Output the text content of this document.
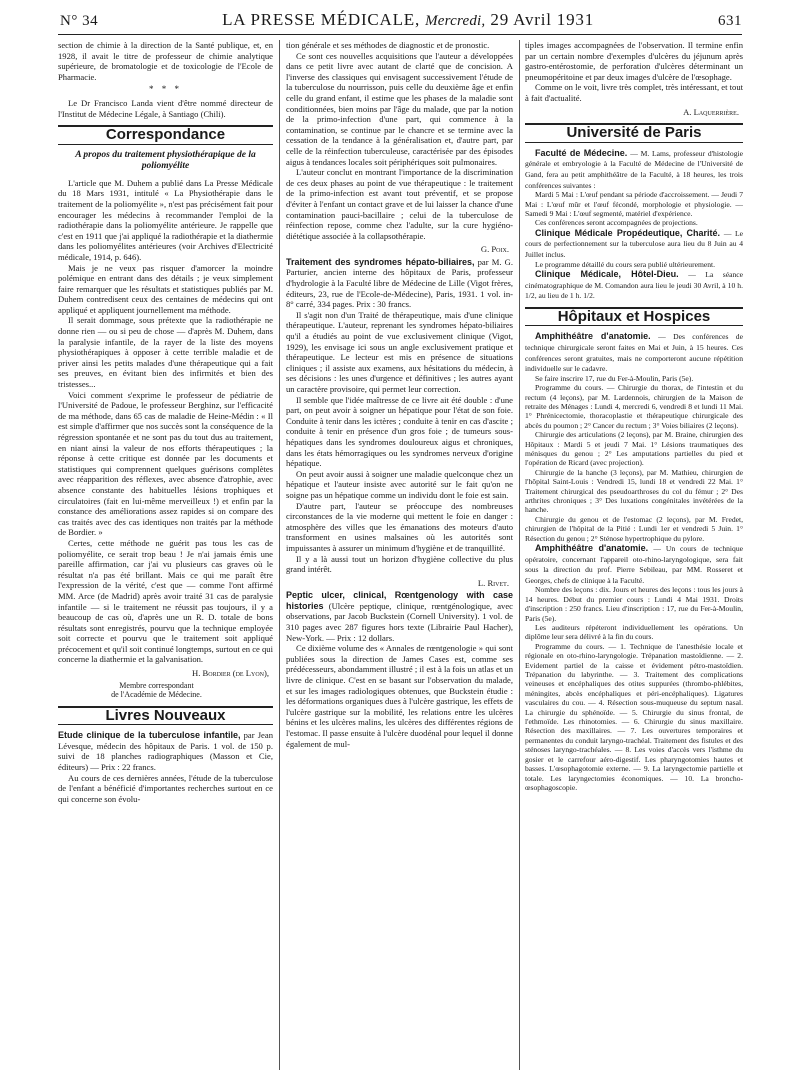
N° 34	LA PRESSE MÉDICALE, Mercredi, 29 Avril 1931	631

section de chimie à la direction de la Santé publique, et, en 1928, il avait le titre de professeur de chimie analytique supérieure, de bromatologie et de toxicologie de l'Ecole de Pharmacie.

* * *

Le Dr Francisco Landa vient d'être nommé directeur de l'Institut de Médecine Légale, à Santiago (Chili).

Correspondance
A propos du traitement physiothérapique de la poliomyélite

L'article que M. Duhem a publié dans La Presse Médicale du 18 Mars 1931, intitulé « La Physiothérapie dans le traitement de la poliomyélite », n'est pas précisément fait pour encourager les médecins à recommander l'emploi de la radiothérapie dans la poliomyélite antérieure. Je rappelle que c'est en 1911 que j'ai appliqué la radiothérapie et la diathermie dans les poliomyélites antérieures (voir Archives d'Electricité médicale, 1914, p. 646).

Mais je ne veux pas risquer d'amorcer la moindre polémique en entrant dans des détails ; je veux simplement faire remarquer que les résultats et statistiques publiés par M. Duhem contredisent ceux des centaines de médecins qui ont appliqué et appliquent journellement ma méthode.

Il serait dommage, sous prétexte que la radiothérapie ne donne rien — ou si peu de chose — d'après M. Duhem, dans la paralysie infantile, de la rayer de la liste des moyens physiothérapiques à opposer à cette terrible maladie et de priver ainsi les petits malades d'une thérapeutique qui a fait ses preuves, en évitant bien des infirmités et bien des tristesses...

Voici comment s'exprime le professeur de pédiatrie de l'Université de Padoue, le professeur Berghinz, sur l'efficacité de ma méthode, dans 65 cas de maladie de Heine-Médin : « Il est simple d'affirmer que nos succès sont la conséquence de la régression spontanée et ne sont pas du tout dus au traitement, en niant ainsi la valeur de nos efforts thérapeutiques ; la réponse à cette critique est donnée par les documents et statistiques qui comprennent quelques guérisons complètes avec réapparition des réflexes, avec absence d'atrophie, avec absence constante des habituelles lésions trophiques et circulatoires (fait en lui-même merveilleux !) et enfin par la constance des améliorations assez rapides si on compare des cas traités avec des cas identiques non traités par la méthode de Bordier. »

Certes, cette méthode ne guérit pas tous les cas de poliomyélite, ce serait trop beau ! Je n'ai jamais émis une pareille affirmation, car j'ai vu plusieurs cas graves où le résultat n'a pas été brillant. Mais ce qui me paraît être l'expression de la vérité, c'est que — comme l'ont affirmé MM. Arce (de Madrid) après avoir traité 31 cas de paralysie infantile — si le traitement ne réussit pas toujours, il y a beaucoup de cas où, d'après une un R. D. totale de bons résultats sont enregistrés, pourvu que la technique employée soit correcte et pourvu que le traitement soit appliqué précocement et qu'il soit continué longtemps, surtout en ce qui concerne la diathermie et la galvanisation.

H. Bordier (de Lyon),
Membre correspondant
de l'Académie de Médecine.
Livres Nouveaux

Etude clinique de la tuberculose infantile, par Jean Lévesque, médecin des hôpitaux de Paris. 1 vol. de 150 p. suivi de 18 planches radiographiques (Masson et Cie, éditeurs) — Prix : 22 francs.

Au cours de ces dernières années, l'étude de la tuberculose de l'enfant a bénéficié d'importantes recherches surtout en ce qui concerne son évolu-

tion générale et ses méthodes de diagnostic et de pronostic.

Ce sont ces nouvelles acquisitions que l'auteur a développées dans ce petit livre avec autant de clarté que de concision. A l'inverse des classiques qui envisagent successivement l'étude de la tuberculose du nourrisson, puis celle du deuxième âge et enfin celle du grand enfant, il estime que les phases de la maladie sont conditionnées, bien moins par l'âge du malade, que par la notion de la primo-infection d'une part, qui commence à la contamination, se continue par le chancre et se termine avec la cessation de la tendance à la généralisation et, d'autre part, par celle de la réinfection tuberculeuse, caractérisée par des épisodes aigus à tendances locales soit périphériques soit pulmonaires.

L'auteur conclut en montrant l'importance de la discrimination de ces deux phases au point de vue thérapeutique : le traitement de la primo-infection est avant tout préventif, et se propose d'éviter à l'enfant un contact grave et de lui laisser la chance d'une contamination pauci-bacillaire ; celui de la tuberculose de réinfection repose, comme chez l'adulte, sur la cure hygiéno-diététique associée à la collapsothérapie.

G. Poix.

Traitement des syndromes hépato-biliaires, par M. G. Parturier, ancien interne des hôpitaux de Paris, professeur d'hydrologie à la Faculté libre de Médecine de Lille (Vigot frères, éditeurs, 23, rue de l'Ecole-de-Médecine), Paris, 1931. 1 vol. in-8° carré, 334 pages. Prix : 30 francs.

Il s'agit non d'un Traité de thérapeutique, mais d'une clinique thérapeutique. L'auteur, reprenant les syndromes hépato-biliaires qu'il a étudiés au point de vue exclusivement clinique (Vigot, 1929), les envisage ici sous un angle exclusivement pratique et thérapeutique. Le lecteur est mis en présence de situations cliniques ; il assiste aux examens, aux hésitations du médecin, à ses décisions : les unes d'urgence et définitives ; les autres ayant un caractère provisoire, qui permet leur correction.

Il semble que l'idée maîtresse de ce livre ait été double : d'une part, on peut avoir à soigner un hépatique pour l'état de son foie. Conduite à tenir dans les ictères ; conduite à tenir en cas d'ascite ; conduite à tenir en présence d'un gros foie ; de tumeurs sous-hépatiques dans les syndromes douloureux aigus et chroniques, dans les états hémorragiques ou les syndromes nerveux d'origine hépatique.

On peut avoir aussi à soigner une maladie quelconque chez un hépatique et l'auteur insiste avec autorité sur le fait qu'on ne soigne pas un hépatique comme un individu dont le foie est sain.

D'autre part, l'auteur se préoccupe des nombreuses circonstances de la vie moderne qui mettent le foie en danger : atmosphère des villes que les émanations des moteurs d'auto transforment en usines malsaines où les autorités sont impuissantes à assurer un minimum d'hygiène et de tranquillité.

Il y a là aussi tout un horizon d'hygiène collective du plus grand intérêt.

L. Rivet.

Peptic ulcer, clinical, Rœntgenology with case histories (Ulcère peptique, clinique, rœntgénologique, avec observations, par Jacob Buckstein (Cornell University). 1 vol. de 310 pages avec 287 figures hors texte (Librairie Paul Hacher), New-York. — Prix : 12 dollars.

Ce dixième volume des « Annales de rœntgenologie » qui sont publiées sous la direction de James Cases est, comme ses prédécesseurs, abondamment illustré ; il est à la fois un atlas et un livre de clinique. C'est en se basant sur l'observation du malade, et sur les images radiologiques obtenues, que Buckstein étudie : les déformations organiques dues à l'ulcère gastrique, les effets de l'ulcère gastrique sur la mobilité, les relations entre les ulcères bénins et les ulcères malins, les ulcères des différentes régions de l'estomac. Il passe ensuite à l'ulcère duodénal pour lequel il donne également de mul-

tiples images accompagnées de l'observation. Il termine enfin par un certain nombre d'exemples d'ulcères du jéjunum après gastro-entérostomie, de perforation d'ulcères déterminant un pneumopéritoine et par deux images d'ulcère de l'œsophage.

Comme on le voit, livre très complet, très intéressant, et tout à fait d'actualité.

A. Laquerrière.
Université de Paris

Faculté de Médecine. — M. Lams, professeur d'histologie générale et embryologie à la Faculté de Médecine de l'Université de Gand, fera au petit amphithéâtre de la Faculté, à 18 heures, les trois conférences suivantes :

Mardi 5 Mai : L'œuf pendant sa période d'accroissement. — Jeudi 7 Mai : L'œuf mûr et l'œuf fécondé, morphologie et physiologie. — Samedi 9 Mai : L'œuf segmenté, matériel d'expérience.

Ces conférences seront accompagnées de projections.

Clinique Médicale Propédeutique, Charité. — Le cours de perfectionnement sur la tuberculose aura lieu du 8 Juin au 4 Juillet inclus.

Le programme détaillé du cours sera publié ultérieurement.

Clinique Médicale, Hôtel-Dieu. — La séance cinématographique de M. Comandon aura lieu le jeudi 30 Avril, à 10 h. 1/2, au lieu de 1 h. 1/2.

Hôpitaux et Hospices

Amphithéâtre d'anatomie. — Des conférences de technique chirurgicale seront faites en Mai et Juin, à 15 heures. Ces conférences seront gratuites, mais ne comporteront aucune répétition individuelle sur le cadavre.

Se faire inscrire 17, rue du Fer-à-Moulin, Paris (5e).

Programme du cours. — Chirurgie du thorax, de l'intestin et du rectum (4 leçons), par M. Lardennois, chirurgien de la Maison de retraite des Ménages : Lundi 4, mercredi 6, vendredi 8 et lundi 11 Mai. 1° Phrénicectomie, thoracoplastie et thérapeutique chirurgicale des abcès du poumon ; 2° Cancer du rectum ; 3° Voies biliaires (2 leçons).

Chirurgie des articulations (2 leçons), par M. Braine, chirurgien des Hôpitaux : Mardi 5 et jeudi 7 Mai. 1° Lésions traumatiques des ménisques du genou ; 2° Les amputations partielles du pied et l'opération de Ricard (avec projection).

Chirurgie de la hanche (3 leçons), par M. Mathieu, chirurgien de l'hôpital Saint-Louis : Vendredi 15, lundi 18 et vendredi 22 Mai. 1° Traitement chirurgical des pseudoarthroses du col du fémur ; 2° Des arthrites chroniques ; 3° Des luxations congénitales invétérées de la hanche.

Chirurgie du genou et de l'estomac (2 leçons), par M. Fredet, chirurgien de l'hôpital de la Pitié : Lundi 1er et vendredi 5 Juin. 1° Résection du genou ; 2° Sténose hypertrophique du pylore.

Amphithéâtre d'anatomie. — Un cours de technique opératoire, concernant l'appareil oto-rhino-laryngologique, sera fait sous la direction du prof. Pierre Sebileau, par MM. Rosseret et Georges, chefs de clinique à la Faculté.

Nombre des leçons : dix. Jours et heures des leçons : tous les jours à 14 heures. Début du premier cours : Lundi 4 Mai 1931. Droits d'inscription : 250 francs. Lieu d'inscription : 17, rue du Fer-à-Moulin, Paris (5e).

Les auditeurs répéteront individuellement les opérations. Un diplôme leur sera délivré à la fin du cours.

Programme du cours. — 1. Technique de l'anesthésie locale et régionale en oto-rhino-laryngologie. Trépanation mastoïdienne. — 2. Evidement partiel de la caisse et évidement pétro-mastoïdien. Trépanation du labyrinthe. — 3. Traitement des complications veineuses et encéphaliques des otites suppurées (thrombo-phlébites, méningites, abcès encéphaliques et péri-encéphaliques). Ligatures vasculaires du cou. — 4. Résection sous-muqueuse du septum nasal. La chirurgie du sphénoïde. — 5. Chirurgie du sinus frontal, de l'ethmoïde. Les rhinotomies. — 6. Chirurgie du sinus maxillaire. Résection des maxillaires. — 7. Les ouvertures temporaires et permanentes du conduit laryngo-trachéal. Traitement des fistules et des sténoses laryngo-trachéales. — 8. Les voies d'accès vers l'isthme du gosier et le carrefour aéro-digestif. Les pharyngotomies hautes et basses. L'œsophagotomie externe. — 9. La laryngectomie partielle et totale. Les laryngectomies économiques. — 10. La broncho-œsophagoscopie.
